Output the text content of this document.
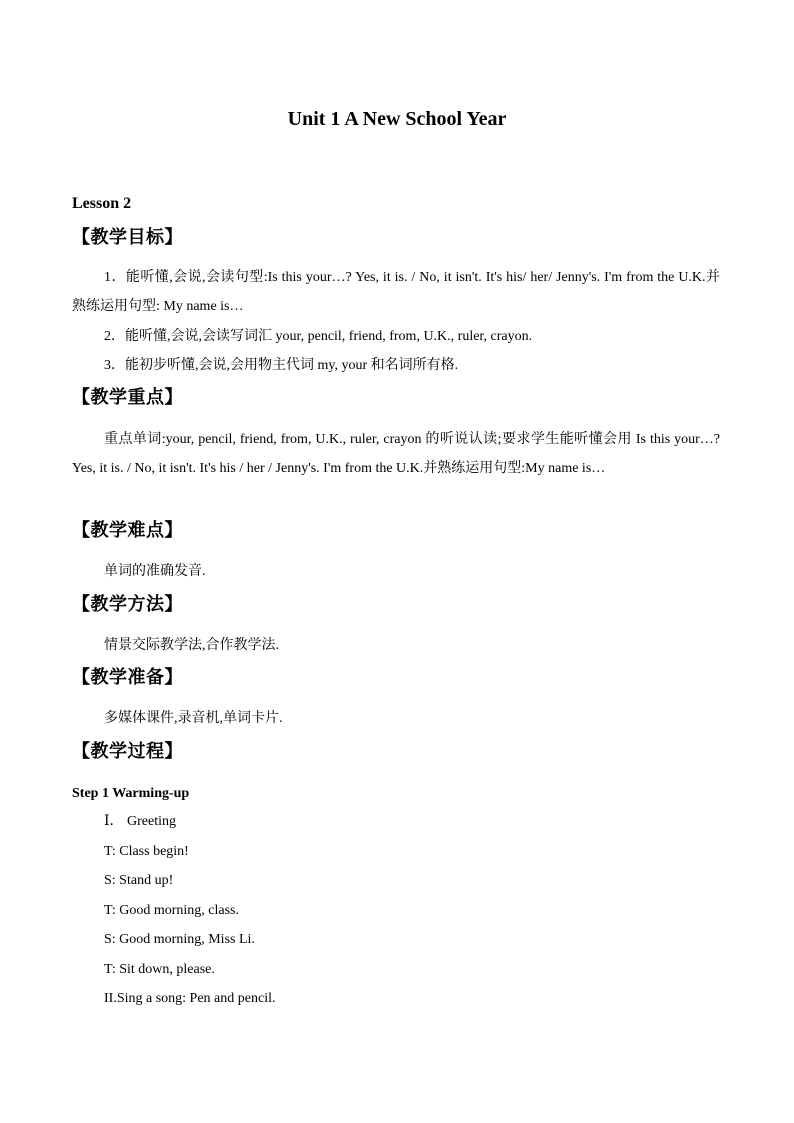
Unit 1 A New School Year
Lesson 2
【教学目标】
1．能听懂,会说,会读句型:Is this your…? Yes, it is. / No, it isn't. It's his/ her/ Jenny's. I'm from the U.K.并熟练运用句型: My name is…
2．能听懂,会说,会读写词汇 your, pencil, friend, from, U.K., ruler, crayon.
3．能初步听懂,会说,会用物主代词 my, your 和名词所有格.
【教学重点】
重点单词:your, pencil, friend, from, U.K., ruler, crayon 的听说认读;要求学生能听懂会用 Is this your…? Yes, it is. / No, it isn't. It's his / her / Jenny's. I'm from the U.K.并熟练运用句型:My name is…
【教学难点】
单词的准确发音.
【教学方法】
情景交际教学法,合作教学法.
【教学准备】
多媒体课件,录音机,单词卡片.
【教学过程】
Step 1 Warming-up
Ⅰ． Greeting
T: Class begin!
S: Stand up!
T: Good morning, class.
S: Good morning, Miss Li.
T: Sit down, please.
II.Sing a song: Pen and pencil.
